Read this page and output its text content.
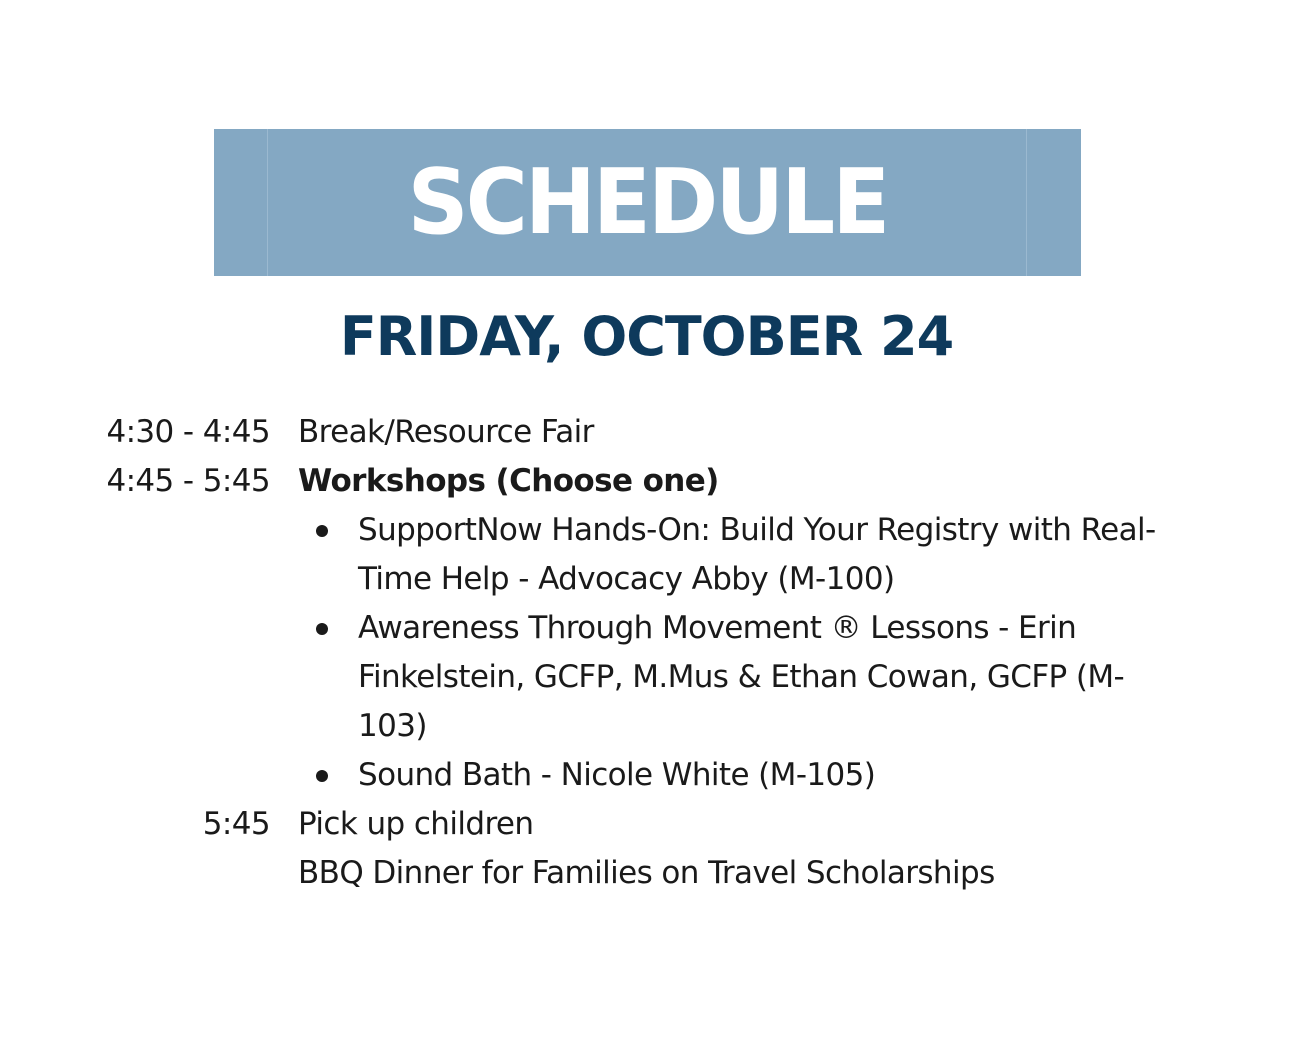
SCHEDULE
FRIDAY, OCTOBER 24
4:30 - 4:45 Break/Resource Fair
4:45 - 5:45 Workshops (Choose one)
SupportNow Hands-On: Build Your Registry with Real-Time Help - Advocacy Abby (M-100)
Awareness Through Movement ® Lessons - Erin Finkelstein, GCFP, M.Mus & Ethan Cowan, GCFP (M-103)
Sound Bath - Nicole White (M-105)
5:45 Pick up children
BBQ Dinner for Families on Travel Scholarships
